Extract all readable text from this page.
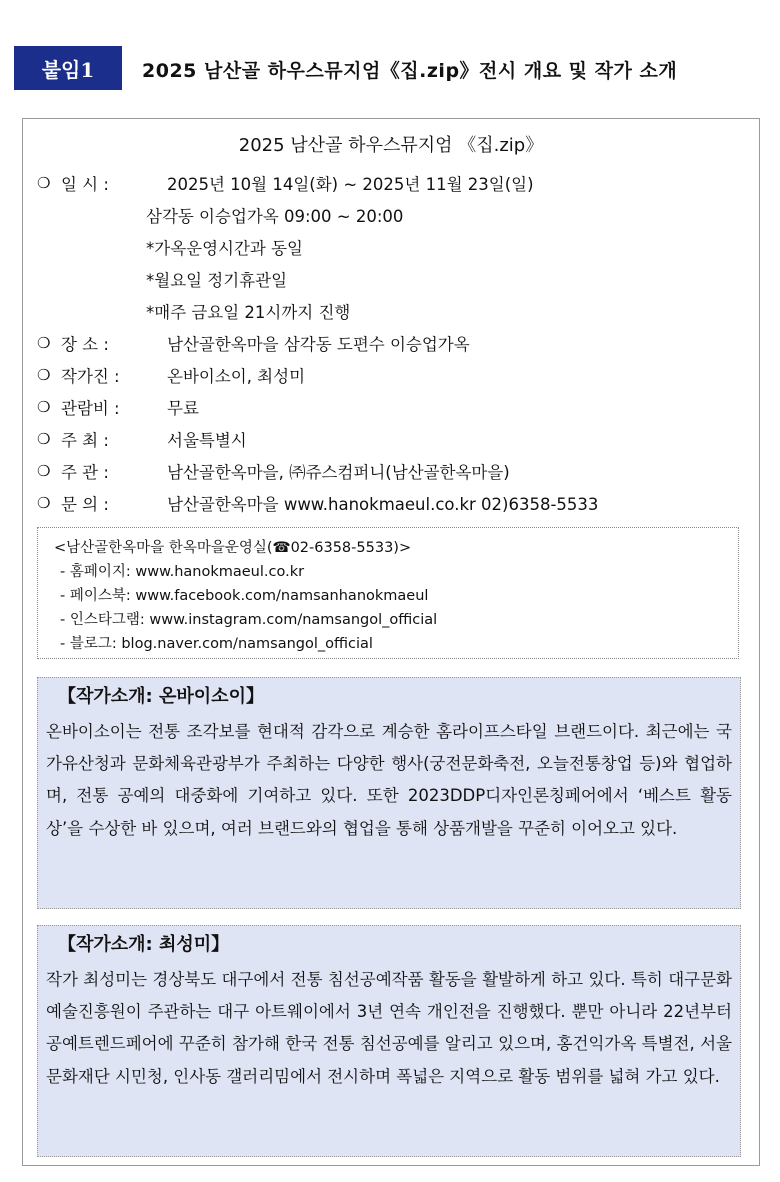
붙임1	2025 남산골 하우스뮤지엄《집.zip》전시 개요 및 작가 소개
2025 남산골 하우스뮤지엄 《집.zip》
❍ 일 시 :	2025년 10월 14일(화) ~ 2025년 11월 23일(일)
삼각동 이승업가옥 09:00 ~ 20:00
*가옥운영시간과 동일
*월요일 정기휴관일
*매주 금요일 21시까지 진행
❍ 장 소 :	남산골한옥마을 삼각동 도편수 이승업가옥
❍ 작가진 :	온바이소이, 최성미
❍ 관람비 :	무료
❍ 주 최 :	서울특별시
❍ 주 관 :	남산골한옥마을, ㈜쥬스컴퍼니(남산골한옥마을)
❍ 문 의 :	남산골한옥마을 www.hanokmaeul.co.kr 02)6358-5533
<남산골한옥마을 한옥마을운영실(☎02-6358-5533)>
- 홈페이지: www.hanokmaeul.co.kr
- 페이스북: www.facebook.com/namsanhanokmaeul
- 인스타그램: www.instagram.com/namsangol_official
- 블로그: blog.naver.com/namsangol_official
【작가소개: 온바이소이】
온바이소이는 전통 조각보를 현대적 감각으로 계승한 홈라이프스타일 브랜드이다. 최근에는 국가유산청과 문화체육관광부가 주최하는 다양한 행사(궁전문화축전, 오늘전통창업 등)와 협업하며, 전통 공예의 대중화에 기여하고 있다. 또한 2023DDP디자인론칭페어에서 ‘베스트 활동상’을 수상한 바 있으며, 여러 브랜드와의 협업을 통해 상품개발을 꾸준히 이어오고 있다.
【작가소개: 최성미】
작가 최성미는 경상북도 대구에서 전통 침선공예작품 활동을 활발하게 하고 있다. 특히 대구문화예술진흥원이 주관하는 대구 아트웨이에서 3년 연속 개인전을 진행했다. 뿐만 아니라 22년부터 공예트렌드페어에 꾸준히 참가해 한국 전통 침선공예를 알리고 있으며, 홍건익가옥 특별전, 서울문화재단 시민청, 인사동 갤러리밈에서 전시하며 폭넓은 지역으로 활동 범위를 넓혀 가고 있다.
